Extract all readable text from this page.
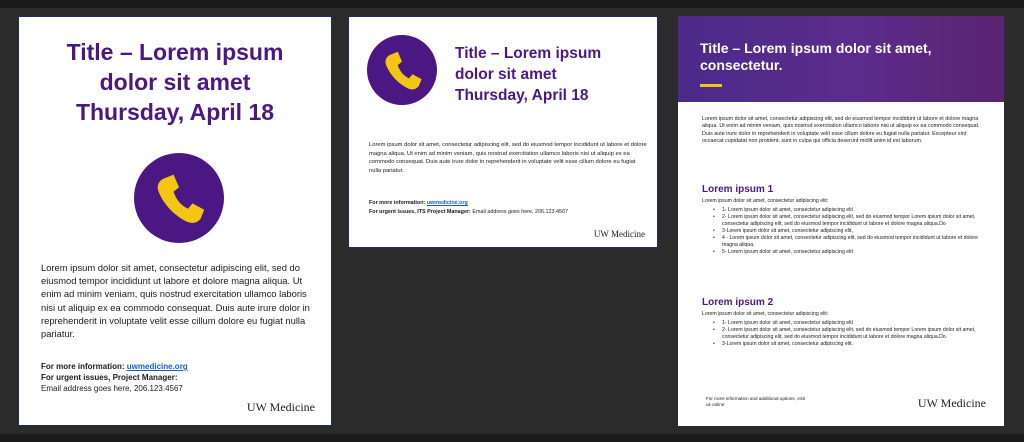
Title – Lorem ipsum
dolor sit amet
Thursday, April 18
Lorem ipsum dolor sit amet, consectetur adipiscing elit, sed do eiusmod tempor incididunt ut labore et dolore magna aliqua. Ut enim ad minim veniam, quis nostrud exercitation ullamco laboris nisi ut aliquip ex ea commodo consequat. Duis aute irure dolor in reprehenderit in voluptate velit esse cillum dolore eu fugiat nulla pariatur.
For more information: uwmedicine.org
For urgent issues, Project Manager:
Email address goes here, 206.123.4567
UW Medicine
Title – Lorem ipsum
dolor sit amet
Thursday, April 18
Lorem ipsum dolor sit amet, consectetur adipiscing elit, sed do eiusmod tempor incididunt ut labore et dolore magna aliqua. Ut enim ad minim veniam, quis nostrud exercitation ullamco laboris nisi ut aliquip ex ea commodo consequat. Duis aute irure dolor in reprehenderit in voluptate velit esse cillum dolore eu fugiat nulla pariatur.
For more information: uwmedicine.org
For urgent issues, ITS Project Manager: Email address goes here, 206.123.4567
UW Medicine
Title – Lorem ipsum dolor sit amet, consectetur.
Lorem ipsum dolor sit amet, consectetur adipiscing elit, sed do eiusmod tempor incididunt ut labore et dolore magna aliqua. Ut enim ad minim veniam, quis nostrud exercitation ullamco laboris nisi ut aliquip ex ea commodo consequat. Duis aute irure dolor in reprehenderit in voluptate velit esse cillum dolore eu fugiat nulla pariatur. Excepteur sint occaecat cupidatat non proident, sunt in culpa qui officia deserunt mollit anim id est laborum.
Lorem ipsum 1
Lorem ipsum dolor sit amet, consectetur adipiscing elit:
• 1- Lorem ipsum dolor sit amet, consectetur adipiscing elit
• 2- Lorem ipsum dolor sit amet, consectetur adipiscing elit, sed do eiusmod tempor Lorem ipsum dolor sit amet, consectetur adipiscing elit, sed do eiusmod tempor incididunt ut labore et dolore magna aliqua.Do
• 3-Lorem ipsum dolor sit amet, consectetur adipiscing elit,
• 4 - Lorem ipsum dolor sit amet, consectetur adipiscing elit, sed do eiusmod tempor incididunt ut labore et dolore magna aliqua.
• 5- Lorem ipsum dolor sit amet, consectetur adipiscing elit
Lorem ipsum 2
Lorem ipsum dolor sit amet, consectetur adipiscing elit:
• 1- Lorem ipsum dolor sit amet, consectetur adipiscing elit
• 2- Lorem ipsum dolor sit amet, consectetur adipiscing elit, sed do eiusmod tempor Lorem ipsum dolor sit amet, consectetur adipiscing elit, sed do eiusmod tempor incididunt ut labore et dolore magna aliqua.Do
• 3-Lorem ipsum dolor sit amet, consectetur adipiscing elit,
For more information and additional options, visit us online	UW Medicine
